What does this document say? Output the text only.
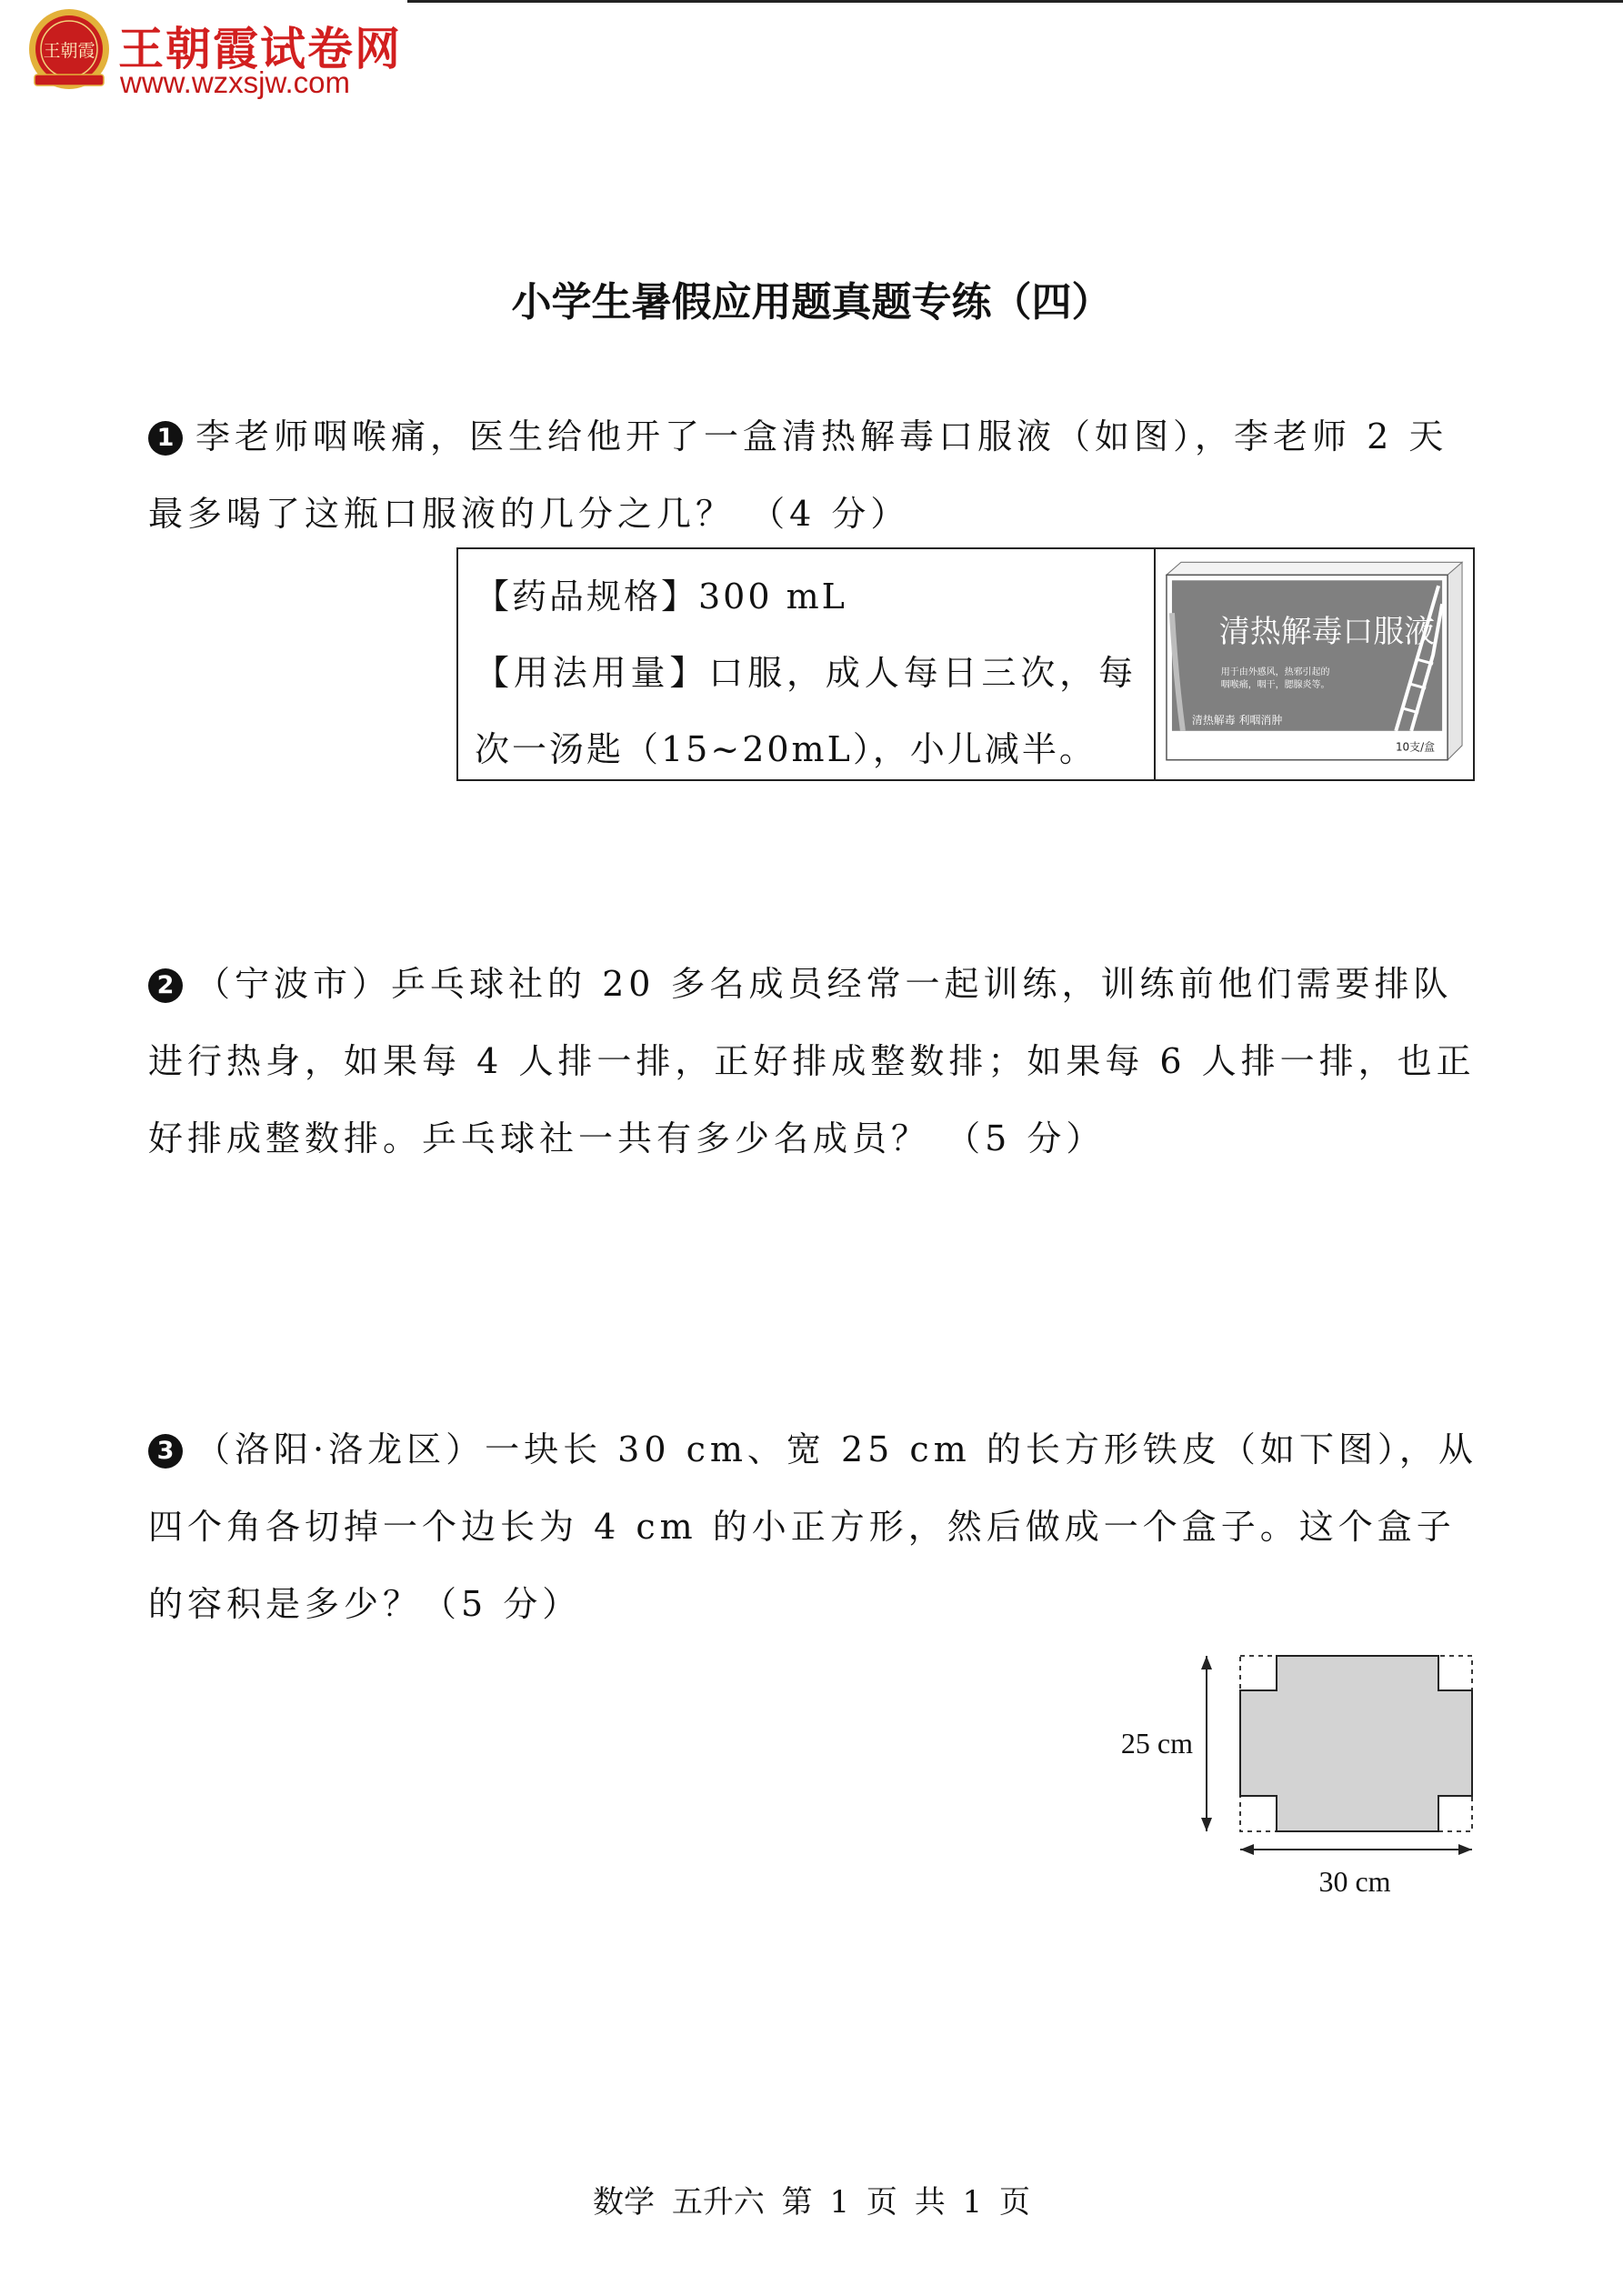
王朝霞 王朝霞试卷网
www.wzxsjw.com
小学生暑假应用题真题专练（四）
1 李老师咽喉痛，医生给他开了一盒清热解毒口服液（如图），李老师 2 天最多喝了这瓶口服液的几分之几？ （4 分）
【药品规格】300 mL
【用法用量】口服，成人每日三次，每
次一汤匙（15~20mL），小儿减半。
清热解毒口服液
用于由外感风，热邪引起的
咽喉痛，咽干，腮腺炎等。
清热解毒 利咽消肿
10支/盒
2 （宁波市）乒乓球社的 20 多名成员经常一起训练，训练前他们需要排队进行热身，如果每 4 人排一排，正好排成整数排；如果每 6 人排一排，也正好排成整数排。乒乓球社一共有多少名成员？ （5 分）
3 （洛阳·洛龙区）一块长 30 cm、宽 25 cm 的长方形铁皮（如下图），从四个角各切掉一个边长为 4 cm 的小正方形，然后做成一个盒子。这个盒子的容积是多少？（5 分）
25 cm
30 cm
数学 五升六 第 1 页 共 1 页
